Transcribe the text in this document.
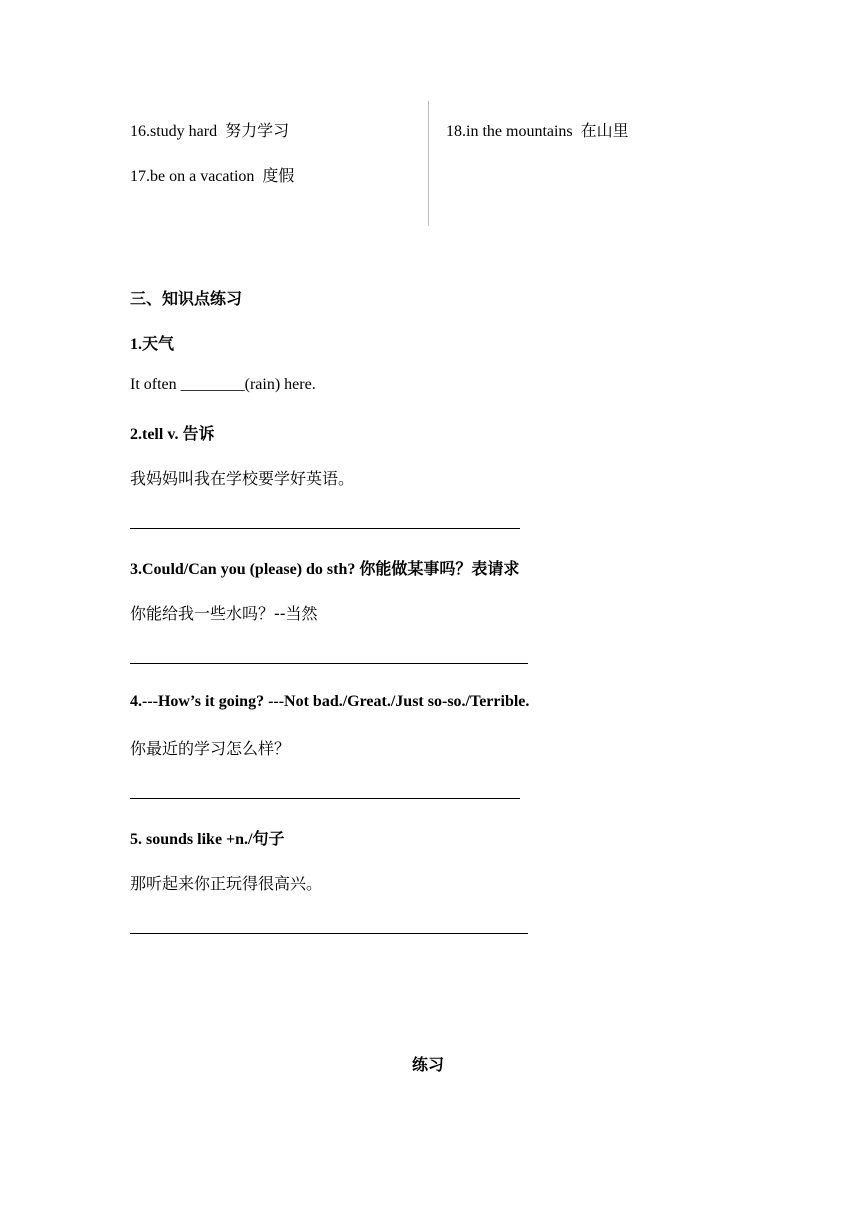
16.study hard 努力学习
17.be on a vacation 度假
18.in the mountains 在山里
三、知识点练习
1.天气
It often ________(rain) here.
2.tell v. 告诉
我妈妈叫我在学校要学好英语。
3.Could/Can you (please) do sth? 你能做某事吗？表请求
你能给我一些水吗？--当然
4.---How’s it going? ---Not bad./Great./Just so-so./Terrible.
你最近的学习怎么样？
5. sounds like +n./句子
那听起来你正玩得很高兴。
练习
